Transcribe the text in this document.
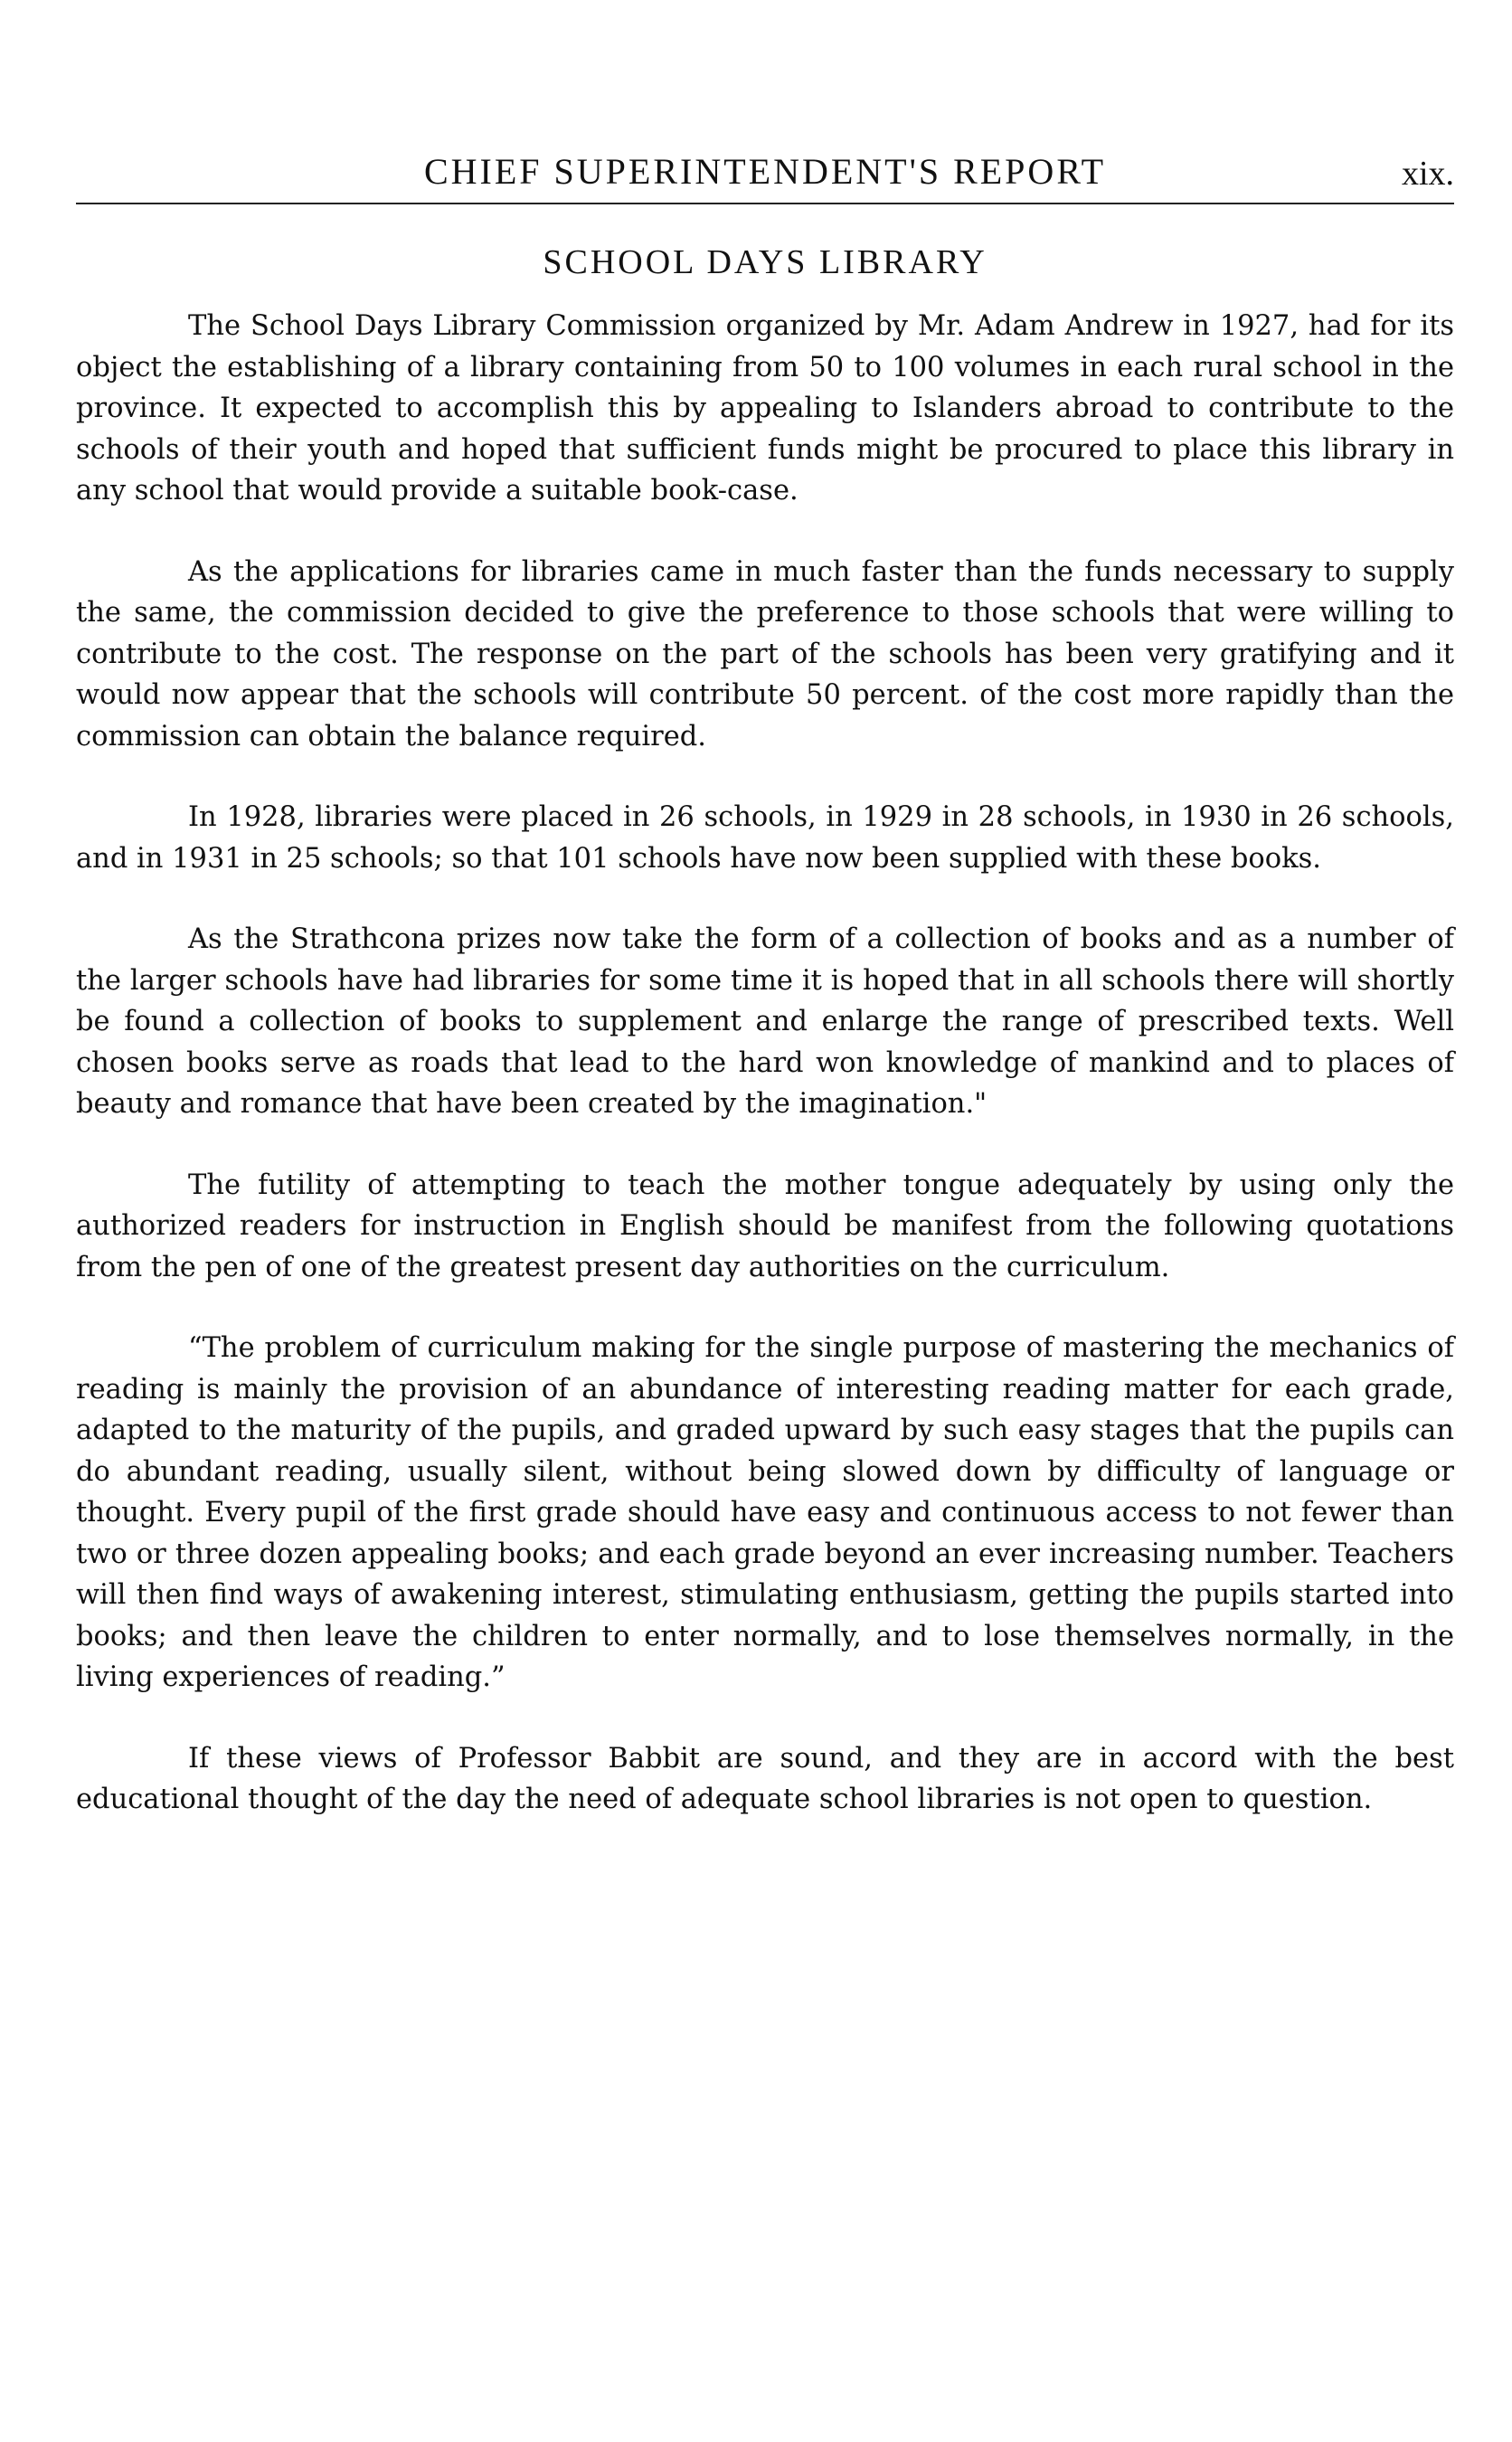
CHIEF SUPERINTENDENT'S REPORT	xix.
SCHOOL DAYS LIBRARY

The School Days Library Commission organized by Mr. Adam Andrew in 1927, had for its object the establishing of a library containing from 50 to 100 volumes in each rural school in the province. It expected to accomplish this by appealing to Islanders abroad to contribute to the schools of their youth and hoped that sufficient funds might be procured to place this library in any school that would provide a suitable book-case.

As the applications for libraries came in much faster than the funds necessary to supply the same, the commission decided to give the preference to those schools that were willing to contribute to the cost. The response on the part of the schools has been very gratifying and it would now appear that the schools will contribute 50 percent. of the cost more rapidly than the commission can obtain the balance required.

In 1928, libraries were placed in 26 schools, in 1929 in 28 schools, in 1930 in 26 schools, and in 1931 in 25 schools; so that 101 schools have now been supplied with these books.

As the Strathcona prizes now take the form of a collection of books and as a number of the larger schools have had libraries for some time it is hoped that in all schools there will shortly be found a collection of books to supplement and enlarge the range of prescribed texts. Well chosen books serve as roads that lead to the hard won knowledge of mankind and to places of beauty and romance that have been created by the imagination."

The futility of attempting to teach the mother tongue adequately by using only the authorized readers for instruction in English should be manifest from the following quotations from the pen of one of the greatest present day authorities on the curriculum.

“The problem of curriculum making for the single purpose of mastering the mechanics of reading is mainly the provision of an abundance of interesting reading matter for each grade, adapted to the maturity of the pupils, and graded upward by such easy stages that the pupils can do abundant reading, usually silent, without being slowed down by difficulty of language or thought. Every pupil of the first grade should have easy and continuous access to not fewer than two or three dozen appealing books; and each grade beyond an ever increasing number. Teachers will then find ways of awakening interest, stimulating enthusiasm, getting the pupils started into books; and then leave the children to enter normally, and to lose themselves normally, in the living experiences of reading.”

If these views of Professor Babbit are sound, and they are in accord with the best educational thought of the day the need of adequate school libraries is not open to question.
